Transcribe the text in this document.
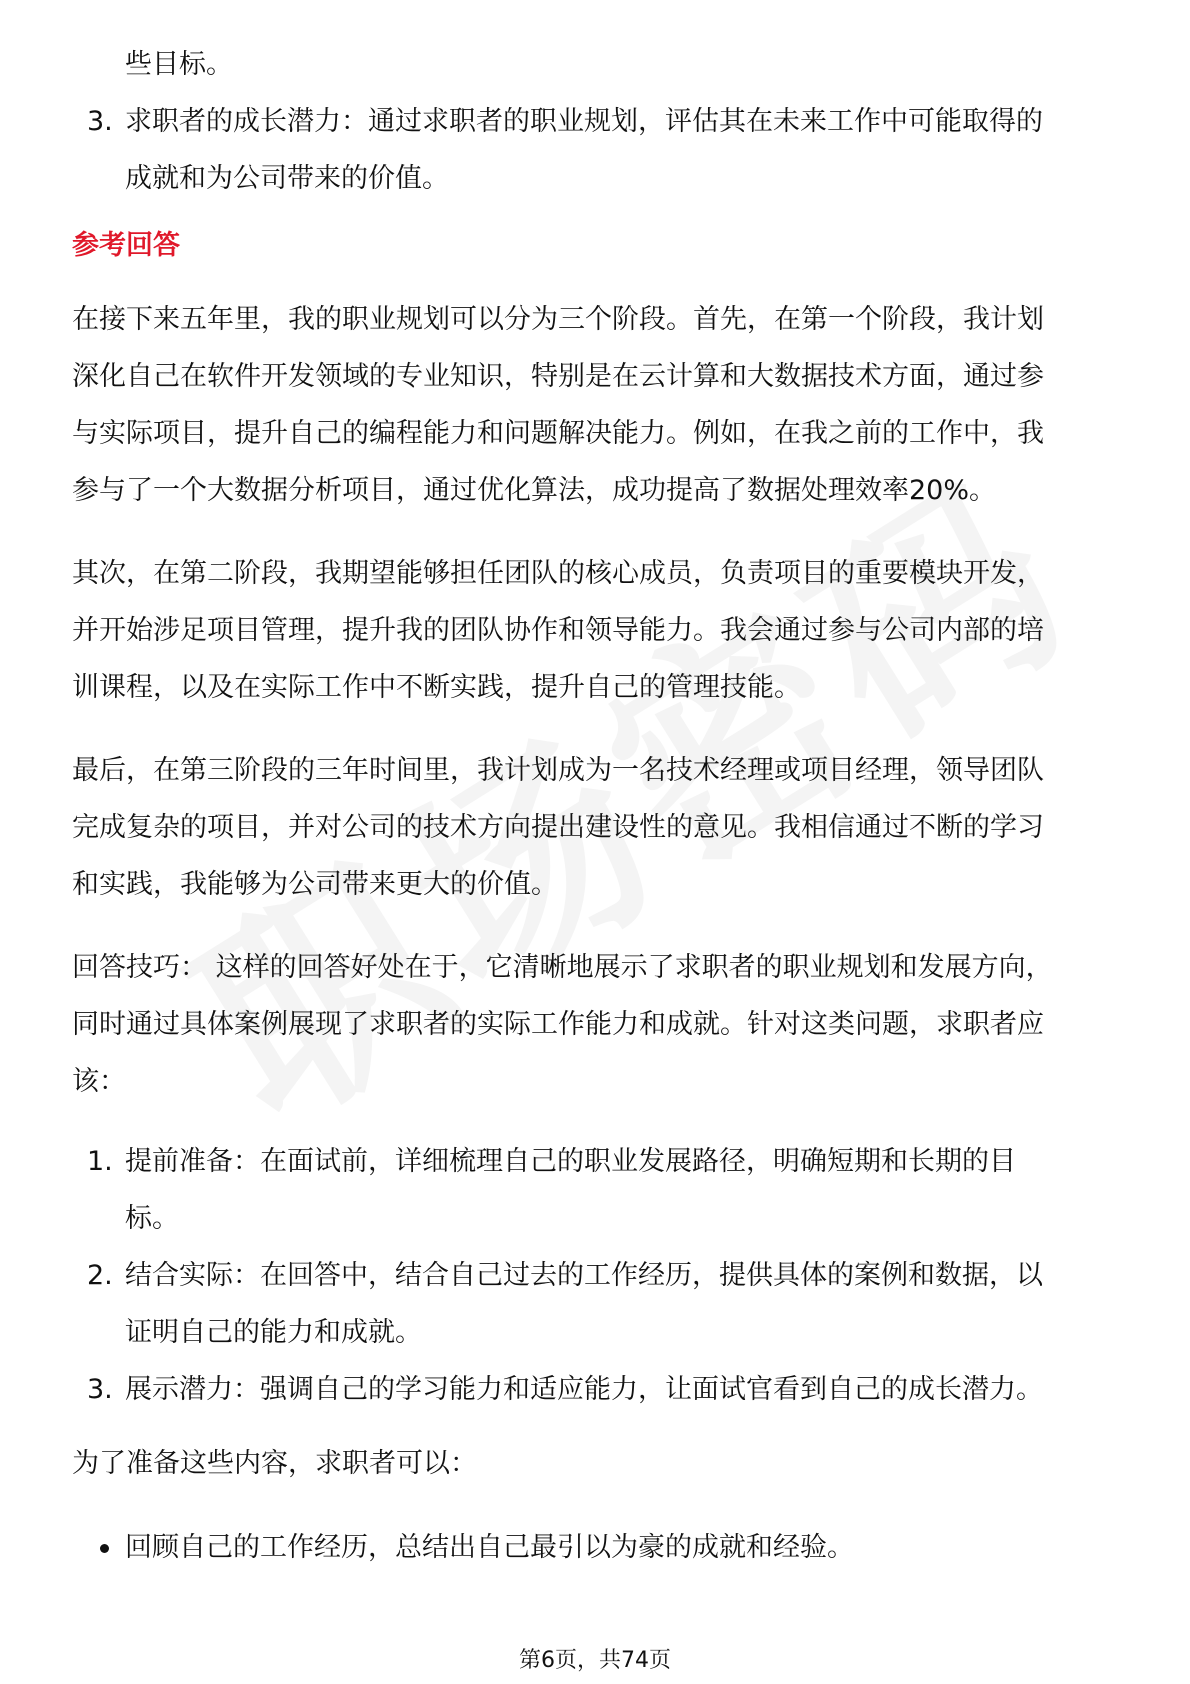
些目标。

3. 求职者的成长潜力：通过求职者的职业规划，评估其在未来工作中可能取得的

成就和为公司带来的价值。

参考回答

在接下来五年里，我的职业规划可以分为三个阶段。首先，在第一个阶段，我计划

深化自己在软件开发领域的专业知识，特别是在云计算和大数据技术方面，通过参

与实际项目，提升自己的编程能力和问题解决能力。例如，在我之前的工作中，我

参与了一个大数据分析项目，通过优化算法，成功提高了数据处理效率20%。

其次，在第二阶段，我期望能够担任团队的核心成员，负责项目的重要模块开发，

并开始涉足项目管理，提升我的团队协作和领导能力。我会通过参与公司内部的培

训课程，以及在实际工作中不断实践，提升自己的管理技能。

最后，在第三阶段的三年时间里，我计划成为一名技术经理或项目经理，领导团队

完成复杂的项目，并对公司的技术方向提出建设性的意见。我相信通过不断的学习

和实践，我能够为公司带来更大的价值。

回答技巧： 这样的回答好处在于，它清晰地展示了求职者的职业规划和发展方向，

同时通过具体案例展现了求职者的实际工作能力和成就。针对这类问题，求职者应

该：

1. 提前准备：在面试前，详细梳理自己的职业发展路径，明确短期和长期的目

标。

2. 结合实际：在回答中，结合自己过去的工作经历，提供具体的案例和数据，以

证明自己的能力和成就。

3. 展示潜力：强调自己的学习能力和适应能力，让面试官看到自己的成长潜力。

为了准备这些内容，求职者可以：

回顾自己的工作经历，总结出自己最引以为豪的成就和经验。

第6页，共74页
